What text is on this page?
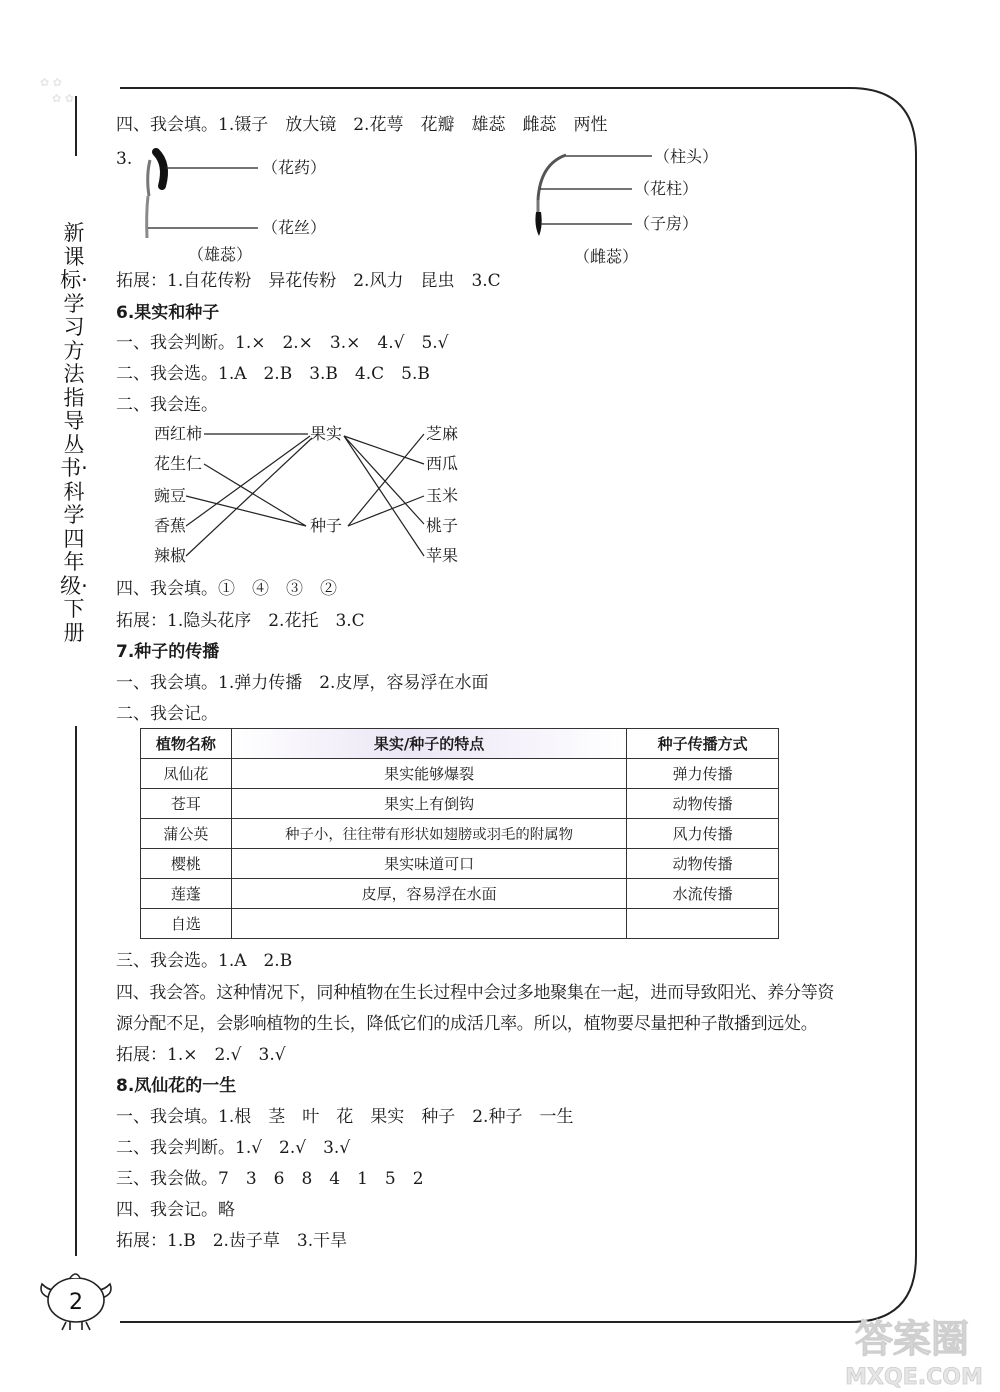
✿ ✿
✿ ✿
新课标·学习方法指导丛书·科学四年级·下册
四、我会填。1.镊子　放大镜　2.花萼　花瓣　雄蕊　雌蕊　两性
3.	（花药）
（花丝）
（雄蕊）
（柱头）
（花柱）
（子房）
（雌蕊）
拓展：1.自花传粉　异花传粉　2.风力　昆虫　3.C
6.果实和种子
一、我会判断。1.×　2.×　3.×　4.√　5.√
二、我会选。1.A　2.B　3.B　4.C　5.B
二、我会连。
西红柿
花生仁
豌豆
香蕉
辣椒
果实
种子
芝麻
西瓜
玉米
桃子
苹果
四、我会填。①　④　③　②
拓展：1.隐头花序　2.花托　3.C
7.种子的传播
一、我会填。1.弹力传播　2.皮厚，容易浮在水面
二、我会记。
植物名称	果实/种子的特点	种子传播方式
凤仙花	果实能够爆裂	弹力传播
苍耳	果实上有倒钩	动物传播
蒲公英	种子小，往往带有形状如翅膀或羽毛的附属物	风力传播
樱桃	果实味道可口	动物传播
莲蓬	皮厚，容易浮在水面	水流传播
自选		
三、我会选。1.A　2.B
四、我会答。这种情况下，同种植物在生长过程中会过多地聚集在一起，进而导致阳光、养分等资
源分配不足，会影响植物的生长，降低它们的成活几率。所以，植物要尽量把种子散播到远处。
拓展：1.×　2.√　3.√
8.凤仙花的一生
一、我会填。1.根　茎　叶　花　果实　种子　2.种子　一生
二、我会判断。1.√　2.√　3.√
三、我会做。7　3　6　8　4　1　5　2
四、我会记。略
拓展：1.B　2.齿子草　3.干旱
2
答案圈
MXQE.COM
